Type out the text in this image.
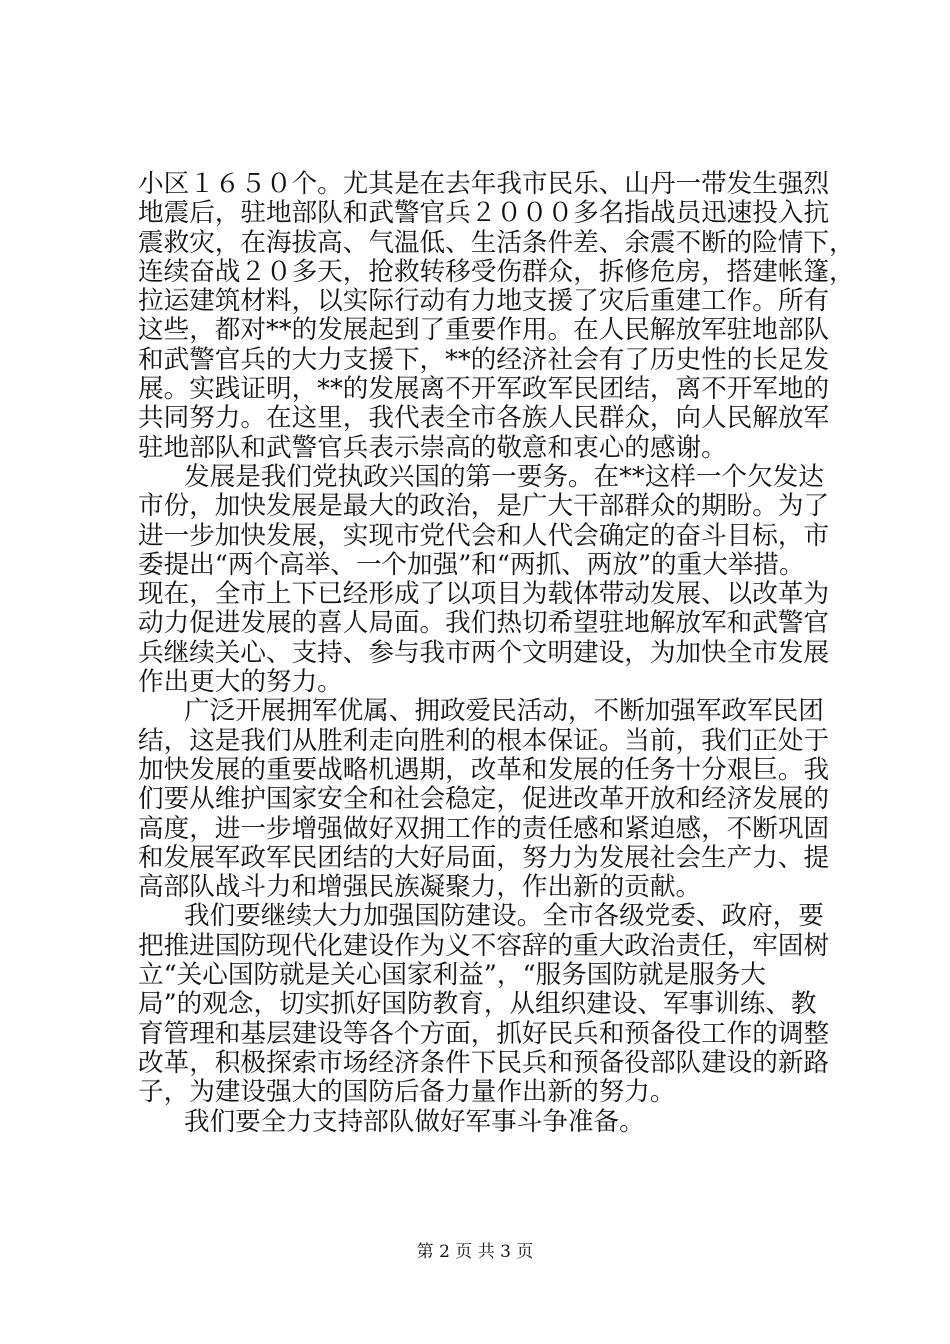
小区１６５０个。尤其是在去年我市民乐、山丹一带发生强烈
地震后，驻地部队和武警官兵２０００多名指战员迅速投入抗
震救灾，在海拔高、气温低、生活条件差、余震不断的险情下，
连续奋战２０多天，抢救转移受伤群众，拆修危房，搭建帐篷，
拉运建筑材料，以实际行动有力地支援了灾后重建工作。所有
这些，都对**的发展起到了重要作用。在人民解放军驻地部队
和武警官兵的大力支援下，**的经济社会有了历史性的长足发
展。实践证明，**的发展离不开军政军民团结，离不开军地的
共同努力。在这里，我代表全市各族人民群众，向人民解放军
驻地部队和武警官兵表示崇高的敬意和衷心的感谢。
发展是我们党执政兴国的第一要务。在**这样一个欠发达
市份，加快发展是最大的政治，是广大干部群众的期盼。为了
进一步加快发展，实现市党代会和人代会确定的奋斗目标，市
委提出“两个高举、一个加强”和“两抓、两放”的重大举措。
现在，全市上下已经形成了以项目为载体带动发展、以改革为
动力促进发展的喜人局面。我们热切希望驻地解放军和武警官
兵继续关心、支持、参与我市两个文明建设，为加快全市发展
作出更大的努力。
广泛开展拥军优属、拥政爱民活动，不断加强军政军民团
结，这是我们从胜利走向胜利的根本保证。当前，我们正处于
加快发展的重要战略机遇期，改革和发展的任务十分艰巨。我
们要从维护国家安全和社会稳定，促进改革开放和经济发展的
高度，进一步增强做好双拥工作的责任感和紧迫感，不断巩固
和发展军政军民团结的大好局面，努力为发展社会生产力、提
高部队战斗力和增强民族凝聚力，作出新的贡献。
我们要继续大力加强国防建设。全市各级党委、政府，要
把推进国防现代化建设作为义不容辞的重大政治责任，牢固树
立“关心国防就是关心国家利益”，“服务国防就是服务大
局”的观念，切实抓好国防教育，从组织建设、军事训练、教
育管理和基层建设等各个方面，抓好民兵和预备役工作的调整
改革，积极探索市场经济条件下民兵和预备役部队建设的新路
子，为建设强大的国防后备力量作出新的努力。
我们要全力支持部队做好军事斗争准备。
第 2 页 共 3 页
